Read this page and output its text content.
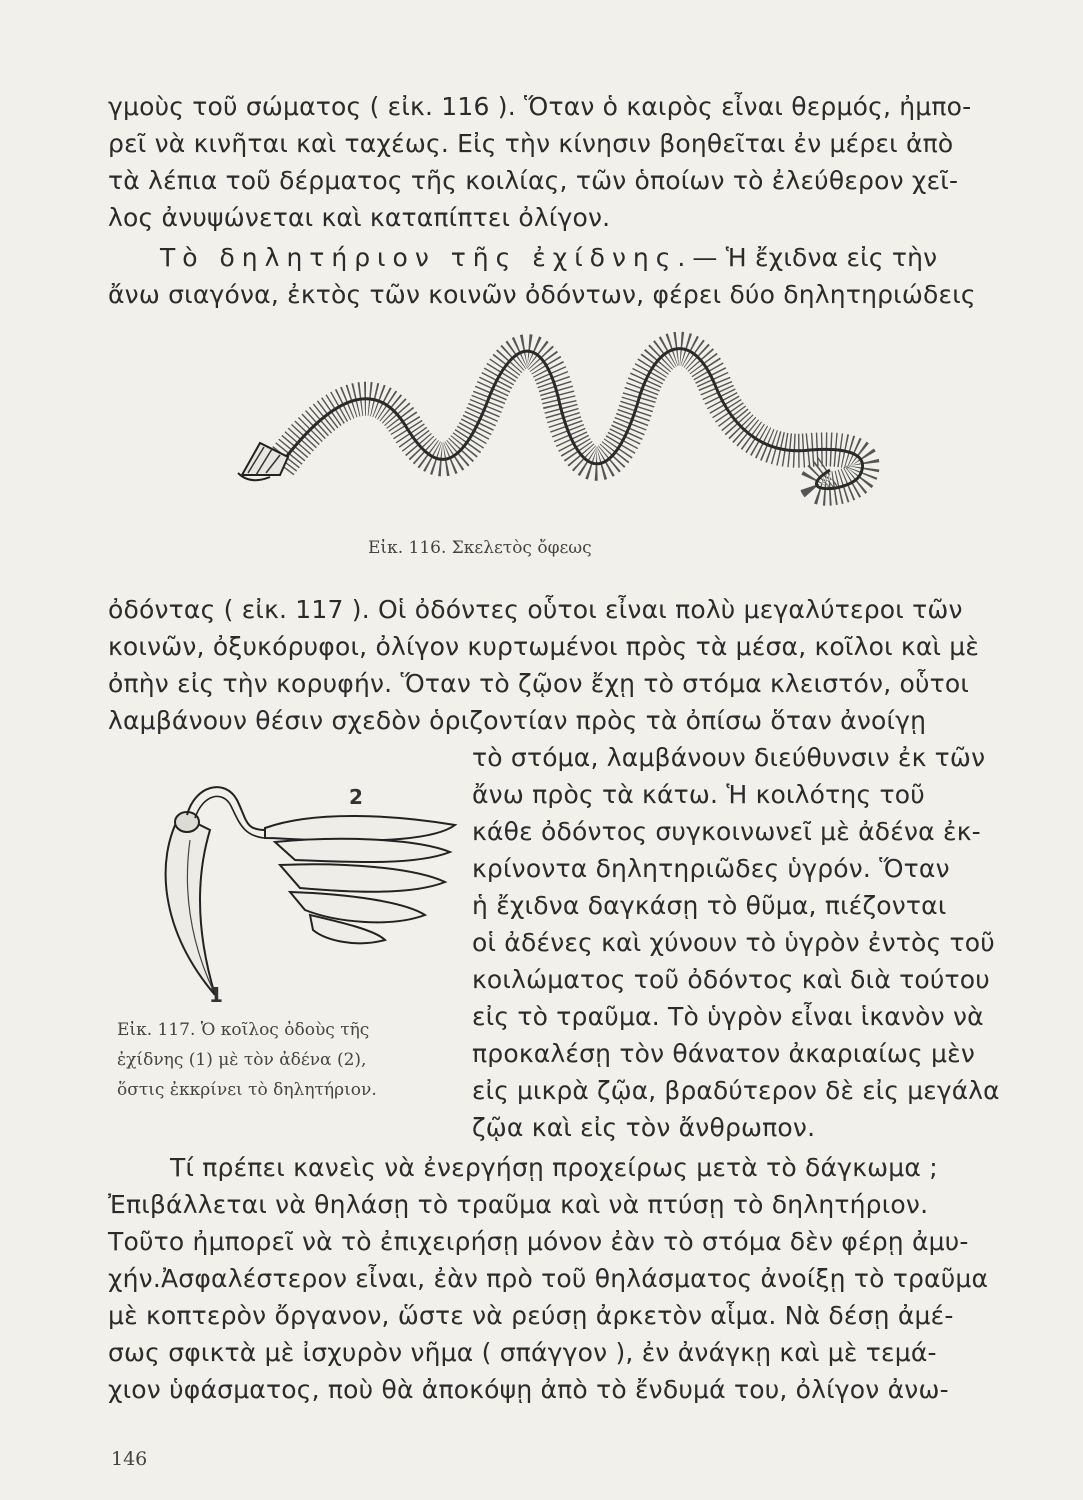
γμοὺς τοῦ σώματος ( εἰκ. 116 ). Ὅταν ὁ καιρὸς εἶναι θερμός, ἠμπο-
ρεῖ νὰ κινῆται καὶ ταχέως. Εἰς τὴν κίνησιν βοηθεῖται ἐν μέρει ἀπὸ
τὰ λέπια τοῦ δέρματος τῆς κοιλίας, τῶν ὁποίων τὸ ἐλεύθερον χεῖ-
λος ἀνυψώνεται καὶ καταπίπτει ὀλίγον.
Τὸ δηλητήριον τῆς ἐχίδνης.— Ἡ ἔχιδνα εἰς τὴν
ἄνω σιαγόνα, ἐκτὸς τῶν κοινῶν ὀδόντων, φέρει δύο δηλητηριώδεις
Εἰκ. 116. Σκελετὸς ὄφεως
ὀδόντας ( εἰκ. 117 ). Οἱ ὀδόντες οὗτοι εἶναι πολὺ μεγαλύτεροι τῶν
κοινῶν, ὀξυκόρυφοι, ὀλίγον κυρτωμένοι πρὸς τὰ μέσα, κοῖλοι καὶ μὲ
ὀπὴν εἰς τὴν κορυφήν. Ὅταν τὸ ζῷον ἔχῃ τὸ στόμα κλειστόν, οὗτοι
λαμβάνουν θέσιν σχεδὸν ὁριζοντίαν πρὸς τὰ ὀπίσω ὅταν ἀνοίγῃ
τὸ στόμα, λαμβάνουν διεύθυνσιν ἐκ τῶν
ἄνω πρὸς τὰ κάτω. Ἡ κοιλότης τοῦ
κάθε ὀδόντος συγκοινωνεῖ μὲ ἀδένα ἐκ-
κρίνοντα δηλητηριῶδες ὑγρόν. Ὅταν
ἡ ἔχιδνα δαγκάσῃ τὸ θῦμα, πιέζονται
οἱ ἀδένες καὶ χύνουν τὸ ὑγρὸν ἐντὸς τοῦ
κοιλώματος τοῦ ὀδόντος καὶ διὰ τούτου
εἰς τὸ τραῦμα. Τὸ ὑγρὸν εἶναι ἱκανὸν νὰ
προκαλέσῃ τὸν θάνατον ἀκαριαίως μὲν
εἰς μικρὰ ζῷα, βραδύτερον δὲ εἰς μεγάλα
ζῷα καὶ εἰς τὸν ἄνθρωπον.
2
1
Εἰκ. 117. Ὁ κοῖλος ὀδοὺς τῆς
ἐχίδνης (1) μὲ τὸν ἀδένα (2),
ὅστις ἐκκρίνει τὸ δηλητήριον.
Τί πρέπει κανεὶς νὰ ἐνεργήσῃ προχείρως μετὰ τὸ δάγκωμα ;
Ἐπιβάλλεται νὰ θηλάσῃ τὸ τραῦμα καὶ νὰ πτύσῃ τὸ δηλητήριον.
Τοῦτο ἠμπορεῖ νὰ τὸ ἐπιχειρήσῃ μόνον ἐὰν τὸ στόμα δὲν φέρῃ ἀμυ-
χήν.Ἀσφαλέστερον εἶναι, ἐὰν πρὸ τοῦ θηλάσματος ἀνοίξῃ τὸ τραῦμα
μὲ κοπτερὸν ὄργανον, ὥστε νὰ ρεύσῃ ἀρκετὸν αἷμα. Νὰ δέσῃ ἀμέ-
σως σφικτὰ μὲ ἰσχυρὸν νῆμα ( σπάγγον ), ἐν ἀνάγκῃ καὶ μὲ τεμά-
χιον ὑφάσματος, ποὺ θὰ ἀποκόψῃ ἀπὸ τὸ ἔνδυμά του, ὀλίγον ἀνω-
146
